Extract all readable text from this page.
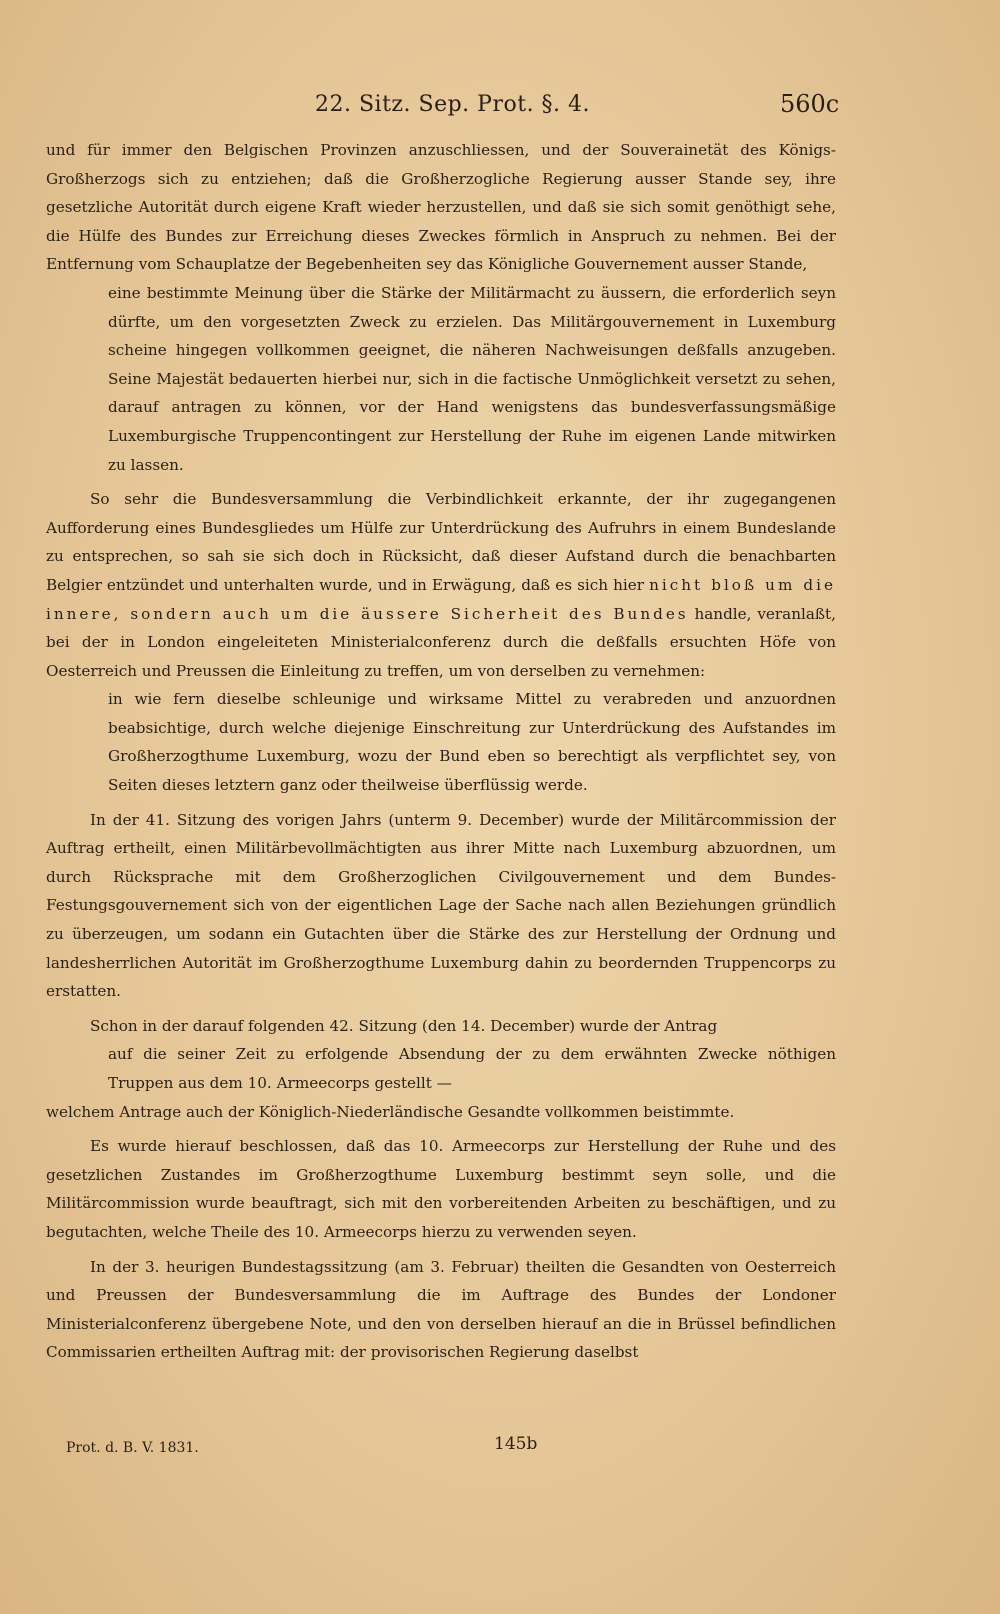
22. Sitz. Sep. Prot. §. 4.	560c

und für immer den Belgischen Provinzen anzuschliessen, und der Souverainetät des Königs-Großherzogs sich zu entziehen; daß die Großherzogliche Regierung ausser Stande sey, ihre gesetzliche Autorität durch eigene Kraft wieder herzustellen, und daß sie sich somit genöthigt sehe, die Hülfe des Bundes zur Erreichung dieses Zweckes förmlich in Anspruch zu nehmen. Bei der Entfernung vom Schauplatze der Begebenheiten sey das Königliche Gouvernement ausser Stande,

eine bestimmte Meinung über die Stärke der Militärmacht zu äussern, die erforderlich seyn dürfte, um den vorgesetzten Zweck zu erzielen. Das Militärgouvernement in Luxemburg scheine hingegen vollkommen geeignet, die näheren Nachweisungen deßfalls anzugeben. Seine Majestät bedauerten hierbei nur, sich in die factische Unmöglichkeit versetzt zu sehen, darauf antragen zu können, vor der Hand wenigstens das bundesverfassungsmäßige Luxemburgische Truppencontingent zur Herstellung der Ruhe im eigenen Lande mitwirken zu lassen.

So sehr die Bundesversammlung die Verbindlichkeit erkannte, der ihr zugegangenen Aufforderung eines Bundesgliedes um Hülfe zur Unterdrückung des Aufruhrs in einem Bundeslande zu entsprechen, so sah sie sich doch in Rücksicht, daß dieser Aufstand durch die benachbarten Belgier entzündet und unterhalten wurde, und in Erwägung, daß es sich hier nicht bloß um die innere, sondern auch um die äussere Sicherheit des Bundes handle, veranlaßt, bei der in London eingeleiteten Ministerialconferenz durch die deßfalls ersuchten Höfe von Oesterreich und Preussen die Einleitung zu treffen, um von derselben zu vernehmen:

in wie fern dieselbe schleunige und wirksame Mittel zu verabreden und anzuordnen beabsichtige, durch welche diejenige Einschreitung zur Unterdrückung des Aufstandes im Großherzogthume Luxemburg, wozu der Bund eben so berechtigt als verpflichtet sey, von Seiten dieses letztern ganz oder theilweise überflüssig werde.

In der 41. Sitzung des vorigen Jahrs (unterm 9. December) wurde der Militärcommission der Auftrag ertheilt, einen Militärbevollmächtigten aus ihrer Mitte nach Luxemburg abzuordnen, um durch Rücksprache mit dem Großherzoglichen Civilgouvernement und dem Bundes-Festungsgouvernement sich von der eigentlichen Lage der Sache nach allen Beziehungen gründlich zu überzeugen, um sodann ein Gutachten über die Stärke des zur Herstellung der Ordnung und landesherrlichen Autorität im Großherzogthume Luxemburg dahin zu beordernden Truppencorps zu erstatten.

Schon in der darauf folgenden 42. Sitzung (den 14. December) wurde der Antrag

auf die seiner Zeit zu erfolgende Absendung der zu dem erwähnten Zwecke nöthigen Truppen aus dem 10. Armeecorps gestellt —

welchem Antrage auch der Königlich-Niederländische Gesandte vollkommen beistimmte.

Es wurde hierauf beschlossen, daß das 10. Armeecorps zur Herstellung der Ruhe und des gesetzlichen Zustandes im Großherzogthume Luxemburg bestimmt seyn solle, und die Militärcommission wurde beauftragt, sich mit den vorbereitenden Arbeiten zu beschäftigen, und zu begutachten, welche Theile des 10. Armeecorps hierzu zu verwenden seyen.

In der 3. heurigen Bundestagssitzung (am 3. Februar) theilten die Gesandten von Oesterreich und Preussen der Bundesversammlung die im Auftrage des Bundes der Londoner Ministerialconferenz übergebene Note, und den von derselben hierauf an die in Brüssel befindlichen Commissarien ertheilten Auftrag mit: der provisorischen Regierung daselbst

Prot. d. B. V. 1831.	145b
